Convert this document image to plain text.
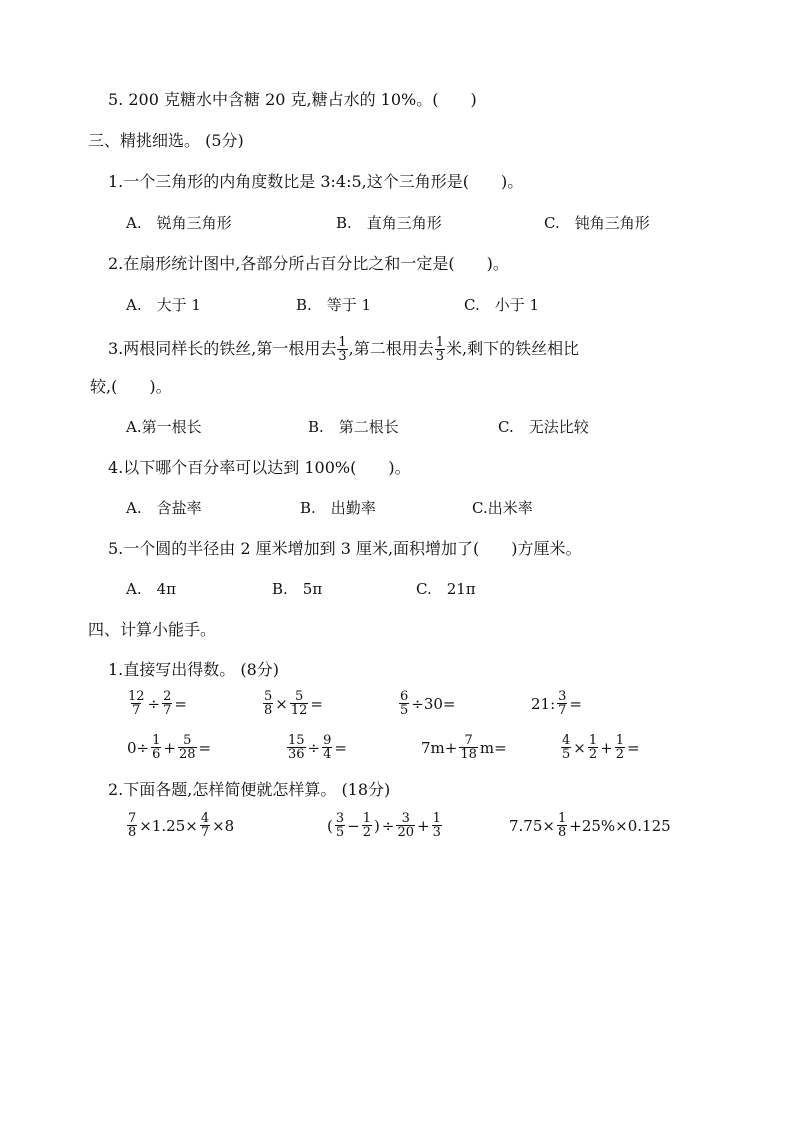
5. 200 克糖水中含糖 20 克,糖占水的 10%。(　　)
三、精挑细选。 (5分)
1.一个三角形的内角度数比是 3:4:5,这个三角形是(　　)。
A.　锐角三角形	B.　直角三角形	C.　钝角三角形
2.在扇形统计图中,各部分所占百分比之和一定是(　　)。
A.　大于 1	B.　等于 1	C.　小于 1
3.两根同样长的铁丝,第一根用去 $\frac{1}{3}$ ,第二根用去 $\frac{1}{3}$ 米,剩下的铁丝相比
较,(　　)。
A.第一根长	B.　第二根长	C.　无法比较
4.以下哪个百分率可以达到 100%(　　)。
A.　含盐率	B.　出勤率	C.出米率
5.一个圆的半径由 2 厘米增加到 3 厘米,面积增加了(　　)方厘米。
A.　4π	B.　5π	C.　21π
四、计算小能手。
1.直接写出得数。 (8分)
$\frac{12}{7} \div \frac{2}{7}$ =	$\frac{5}{8} \times \frac{5}{12}$ =	$\frac{6}{5} \div 30=$	21: $\frac{3}{7}$ =
$0\div \frac{1}{6} + \frac{5}{28}$ =	$\frac{15}{36} \div \frac{9}{4}$ =	$7m+ \frac{7}{18} m=$	$\frac{4}{5} \times \frac{1}{2} + \frac{1}{2}$ =
2.下面各题,怎样简便就怎样算。 (18分)
$\frac{7}{8} \times 1.25\times \frac{4}{7} \times 8$	( $\frac{3}{5} - \frac{1}{2}$ ) ÷ $\frac{3}{20} + \frac{1}{3}$	$7.75\times \frac{1}{8} +25\%\times 0.125$
